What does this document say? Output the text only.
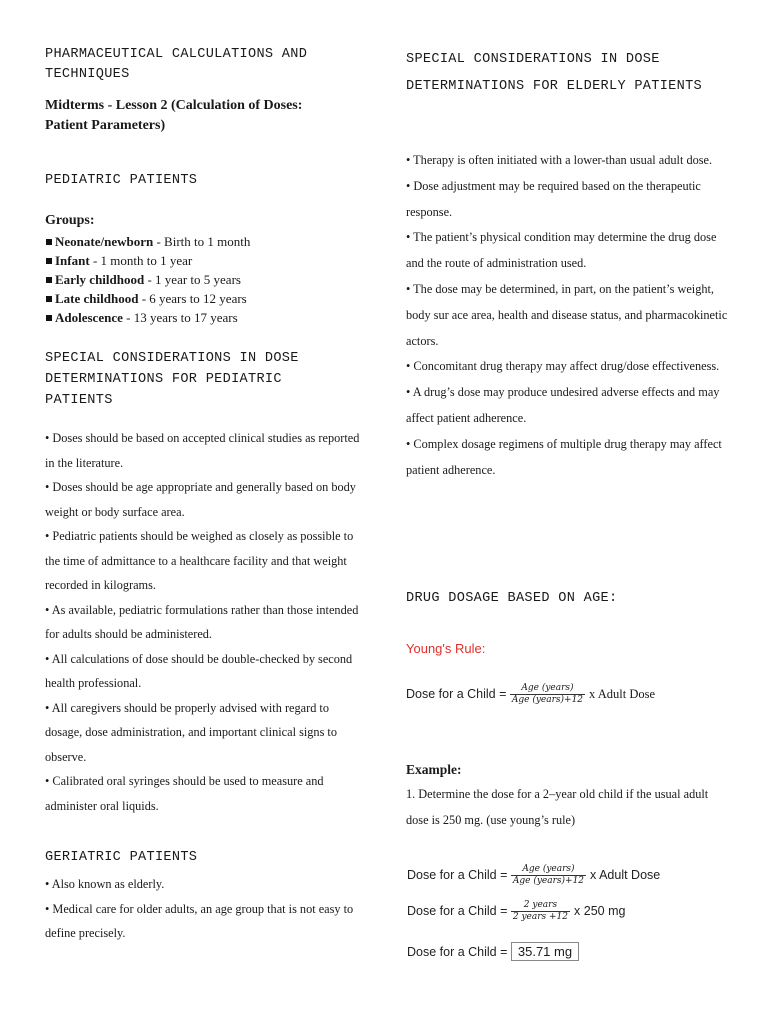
PHARMACEUTICAL CALCULATIONS AND TECHNIQUES
Midterms - Lesson 2 (Calculation of Doses: Patient Parameters)
PEDIATRIC PATIENTS
Groups:
Neonate/newborn - Birth to 1 month
Infant - 1 month to 1 year
Early childhood - 1 year to 5 years
Late childhood - 6 years to 12 years
Adolescence - 13 years to 17 years
SPECIAL CONSIDERATIONS IN DOSE DETERMINATIONS FOR PEDIATRIC PATIENTS
• Doses should be based on accepted clinical studies as reported in the literature.
• Doses should be age appropriate and generally based on body weight or body surface area.
• Pediatric patients should be weighed as closely as possible to the time of admittance to a healthcare facility and that weight recorded in kilograms.
• As available, pediatric formulations rather than those intended for adults should be administered.
• All calculations of dose should be double-checked by second health professional.
• All caregivers should be properly advised with regard to dosage, dose administration, and important clinical signs to observe.
• Calibrated oral syringes should be used to measure and administer oral liquids.
GERIATRIC PATIENTS
• Also known as elderly.
• Medical care for older adults, an age group that is not easy to define precisely.
SPECIAL CONSIDERATIONS IN DOSE DETERMINATIONS FOR ELDERLY PATIENTS
• Therapy is often initiated with a lower-than usual adult dose.
• Dose adjustment may be required based on the therapeutic response.
• The patient’s physical condition may determine the drug dose and the route of administration used.
• The dose may be determined, in part, on the patient’s weight, body sur ace area, health and disease status, and pharmacokinetic actors.
• Concomitant drug therapy may affect drug/dose effectiveness.
• A drug’s dose may produce undesired adverse effects and may affect patient adherence.
• Complex dosage regimens of multiple drug therapy may affect patient adherence.
DRUG DOSAGE BASED ON AGE:
Young's Rule:
Dose for a Child = $\frac{\text{Age (years)}}{\text{Age (years)+12}}$ x Adult Dose
Example:
1. Determine the dose for a 2–year old child if the usual adult dose is 250 mg. (use young’s rule)
Dose for a Child = $\frac{\text{Age (years)}}{\text{Age (years)+12}}$ x Adult Dose
Dose for a Child = $\frac{\text{2 years}}{\text{2 years +12}}$ x 250 mg
Dose for a Child = 35.71 mg
